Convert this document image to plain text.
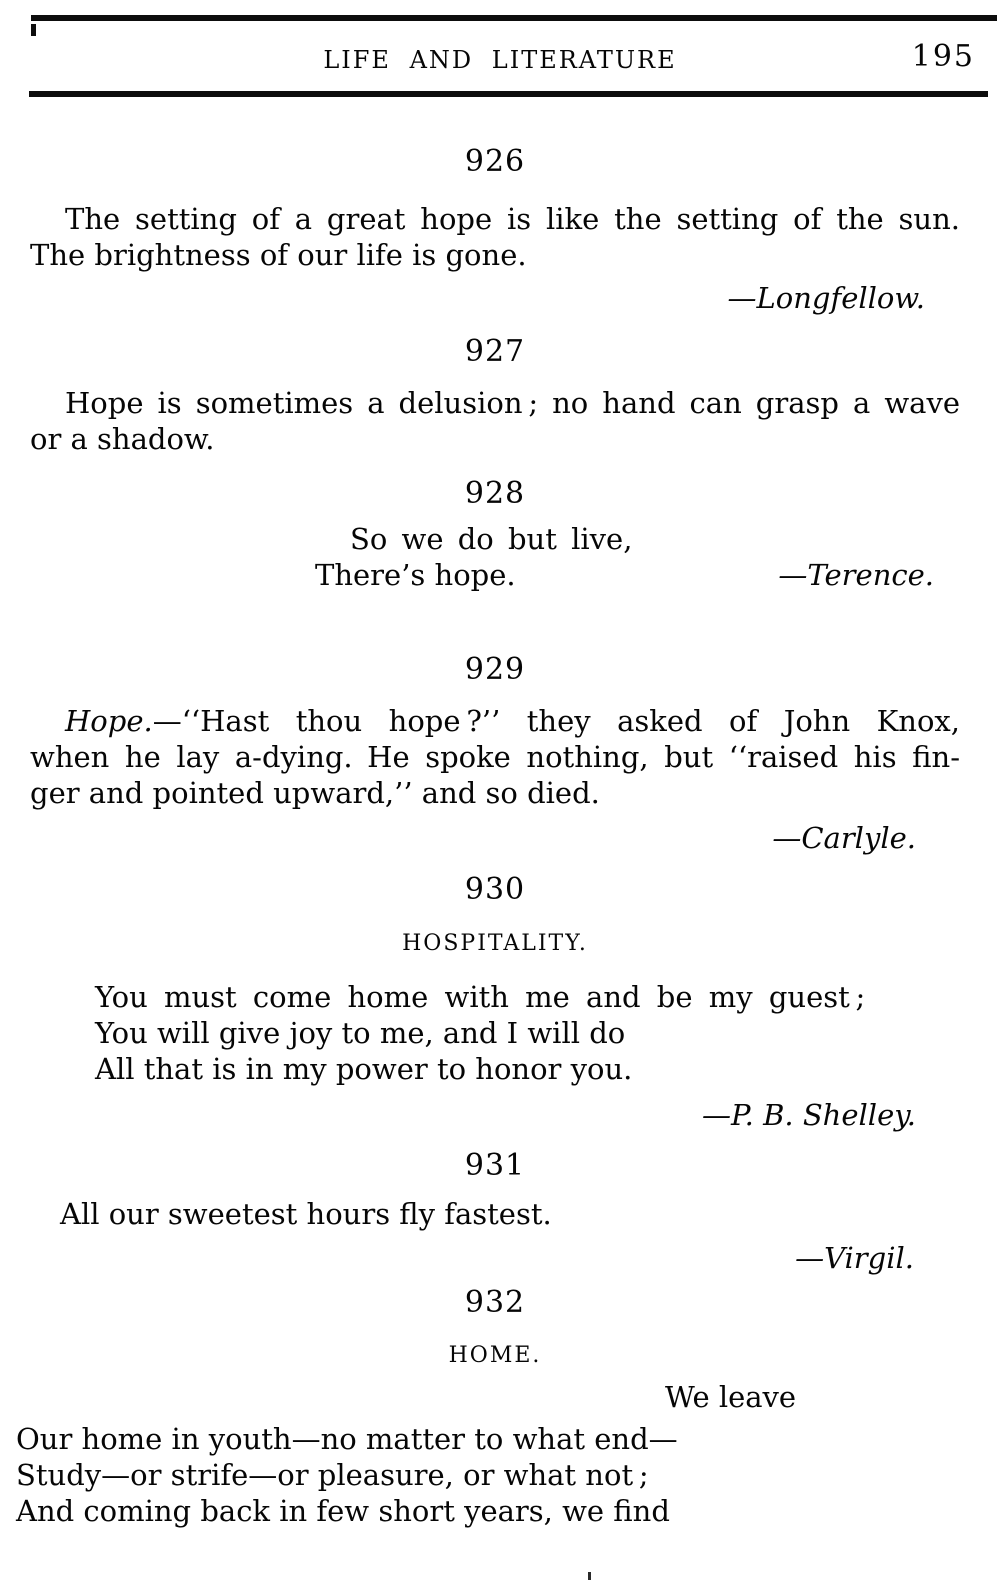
LIFE AND LITERATURE	195
926
The setting of a great hope is like the setting of the sun.
The brightness of our life is gone.
—Longfellow.
927
Hope is sometimes a delusion ; no hand can grasp a wave
or a shadow.
928
So we do but live,
There’s hope.	—Terence.
929
Hope.—‘‘Hast thou hope ?’’ they asked of John Knox,
when he lay a-dying. He spoke nothing, but ‘‘raised his fin-
ger and pointed upward,’’ and so died.
—Carlyle.
930
HOSPITALITY.
You must come home with me and be my guest ;
You will give joy to me, and I will do
All that is in my power to honor you.
—P. B. Shelley.
931
All our sweetest hours fly fastest.
—Virgil.
932
HOME.
We leave
Our home in youth—no matter to what end—
Study—or strife—or pleasure, or what not ;
And coming back in few short years, we find
